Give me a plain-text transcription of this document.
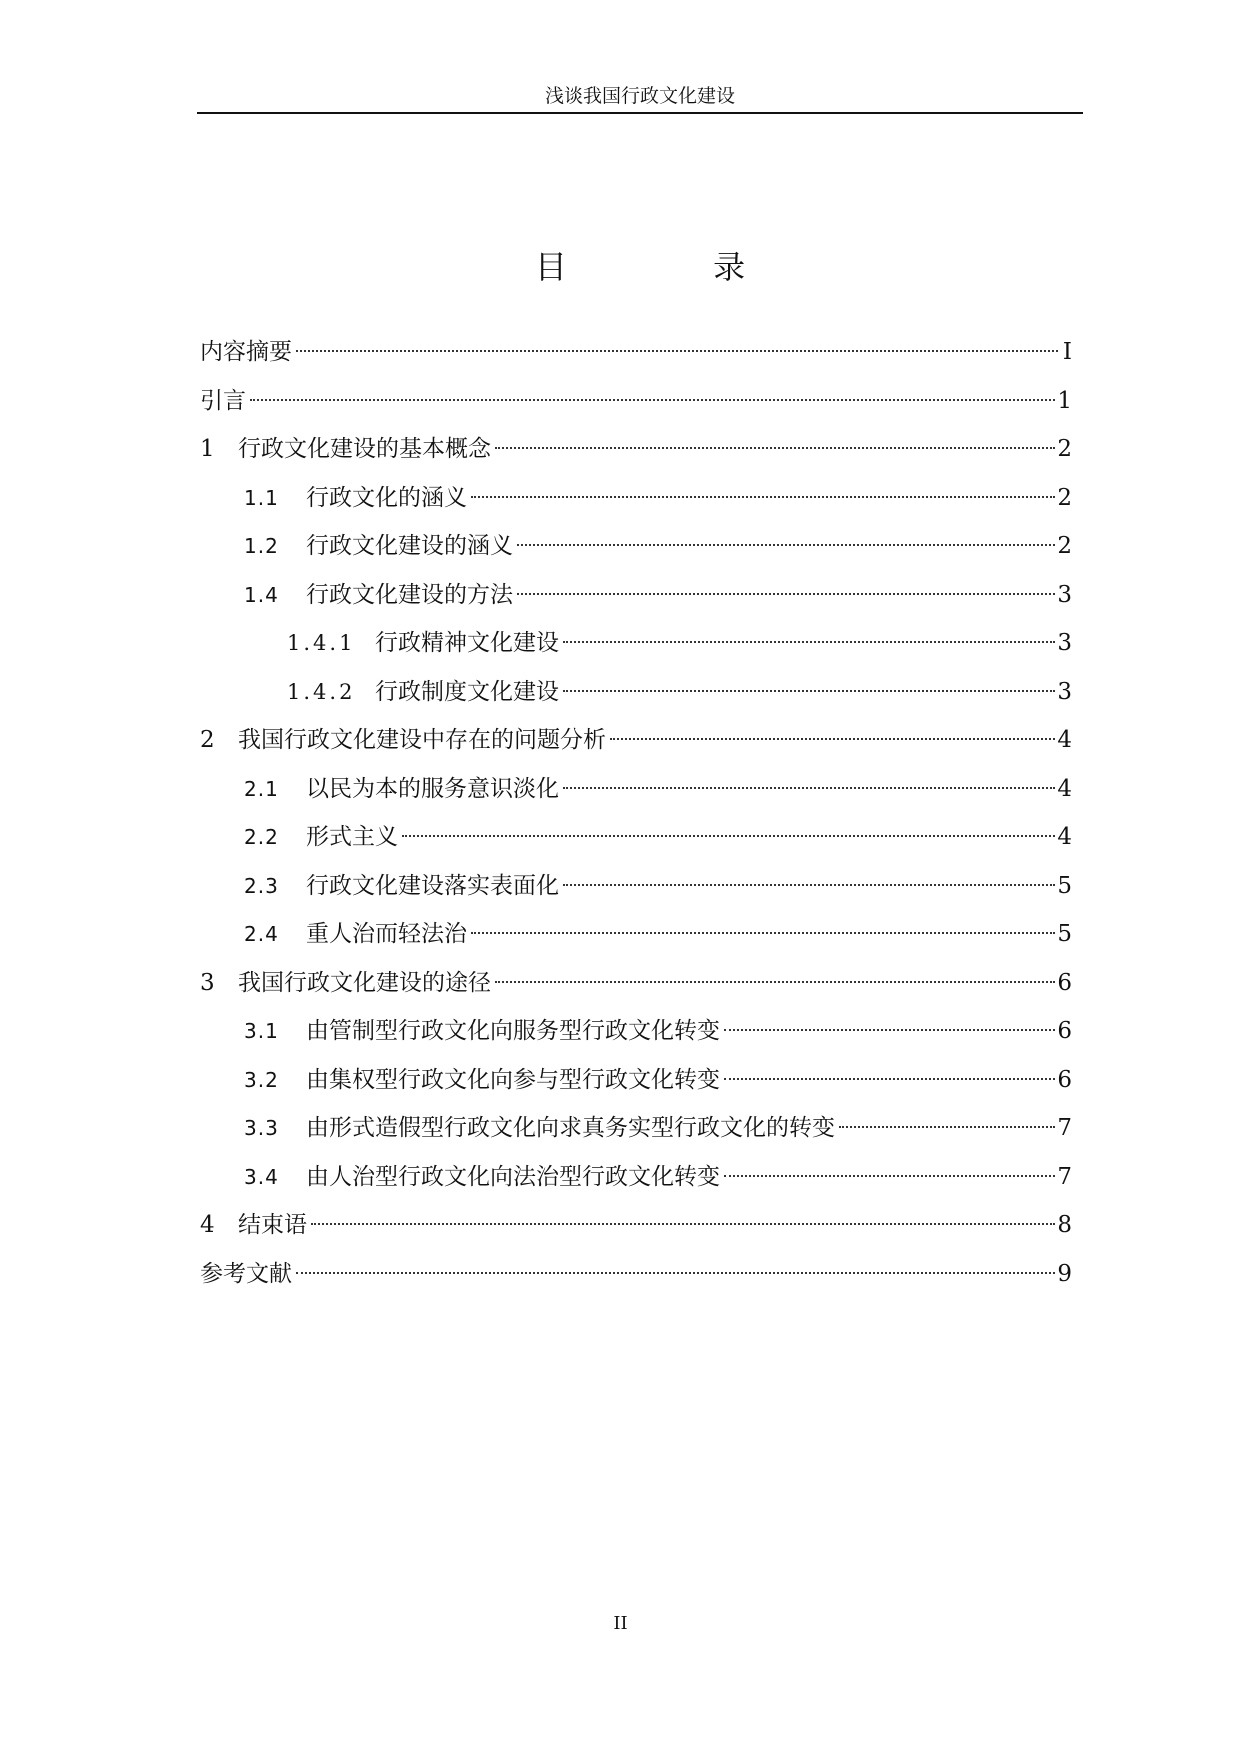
浅谈我国行政文化建设
目 录
内容摘要	I
引言	1
1 行政文化建设的基本概念	2
1.1	行政文化的涵义	2
1.2	行政文化建设的涵义	2
1.4	行政文化建设的方法	3
1.4.1 行政精神文化建设	3
1.4.2 行政制度文化建设	3
2 我国行政文化建设中存在的问题分析	4
2.1	以民为本的服务意识淡化	4
2.2	形式主义	4
2.3	行政文化建设落实表面化	5
2.4	重人治而轻法治	5
3 我国行政文化建设的途径	6
3.1	由管制型行政文化向服务型行政文化转变	6
3.2	由集权型行政文化向参与型行政文化转变	6
3.3	由形式造假型行政文化向求真务实型行政文化的转变	7
3.4	由人治型行政文化向法治型行政文化转变	7
4 结束语	8
参考文献	9
II
